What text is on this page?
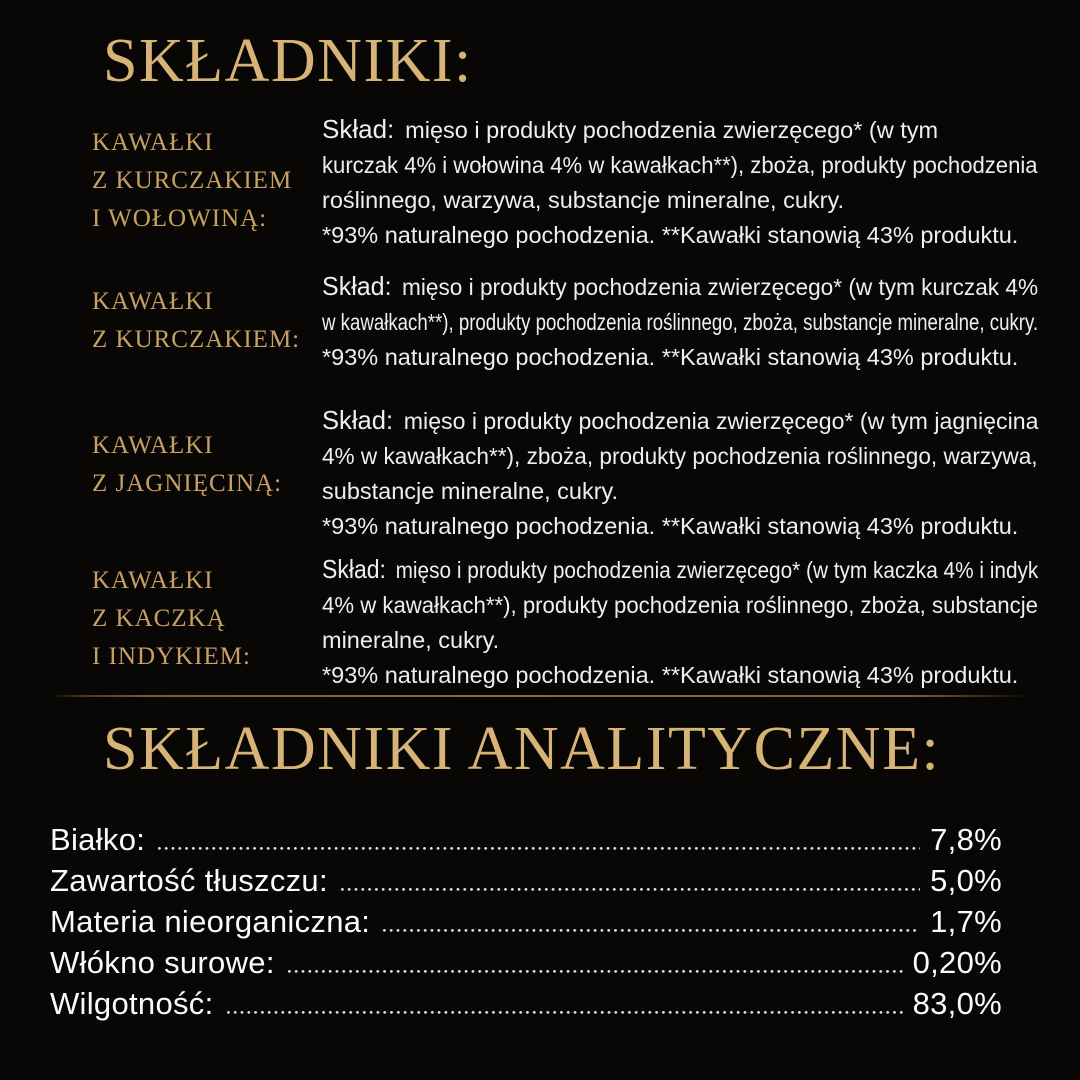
SKŁADNIKI:
KAWAŁKI
Z KURCZAKIEM
I WOŁOWINĄ:
Skład: mięso i produkty pochodzenia zwierzęcego* (w tym
kurczak 4% i wołowina 4% w kawałkach**), zboża, produkty pochodzenia
roślinnego, warzywa, substancje mineralne, cukry.
*93% naturalnego pochodzenia. **Kawałki stanowią 43% produktu.
KAWAŁKI
Z KURCZAKIEM:
Skład: mięso i produkty pochodzenia zwierzęcego* (w tym kurczak 4%
w kawałkach**), produkty pochodzenia roślinnego, zboża, substancje mineralne, cukry.
*93% naturalnego pochodzenia. **Kawałki stanowią 43% produktu.
KAWAŁKI
Z JAGNIĘCINĄ:
Skład: mięso i produkty pochodzenia zwierzęcego* (w tym jagnięcina
4% w kawałkach**), zboża, produkty pochodzenia roślinnego, warzywa,
substancje mineralne, cukry.
*93% naturalnego pochodzenia. **Kawałki stanowią 43% produktu.
KAWAŁKI
Z KACZKĄ
I INDYKIEM:
Skład: mięso i produkty pochodzenia zwierzęcego* (w tym kaczka 4% i indyk
4% w kawałkach**), produkty pochodzenia roślinnego, zboża, substancje
mineralne, cukry.
*93% naturalnego pochodzenia. **Kawałki stanowią 43% produktu.
SKŁADNIKI ANALITYCZNE:
Białko:	7,8%
Zawartość tłuszczu:	5,0%
Materia nieorganiczna:	1,7%
Włókno surowe:	0,20%
Wilgotność:	83,0%
